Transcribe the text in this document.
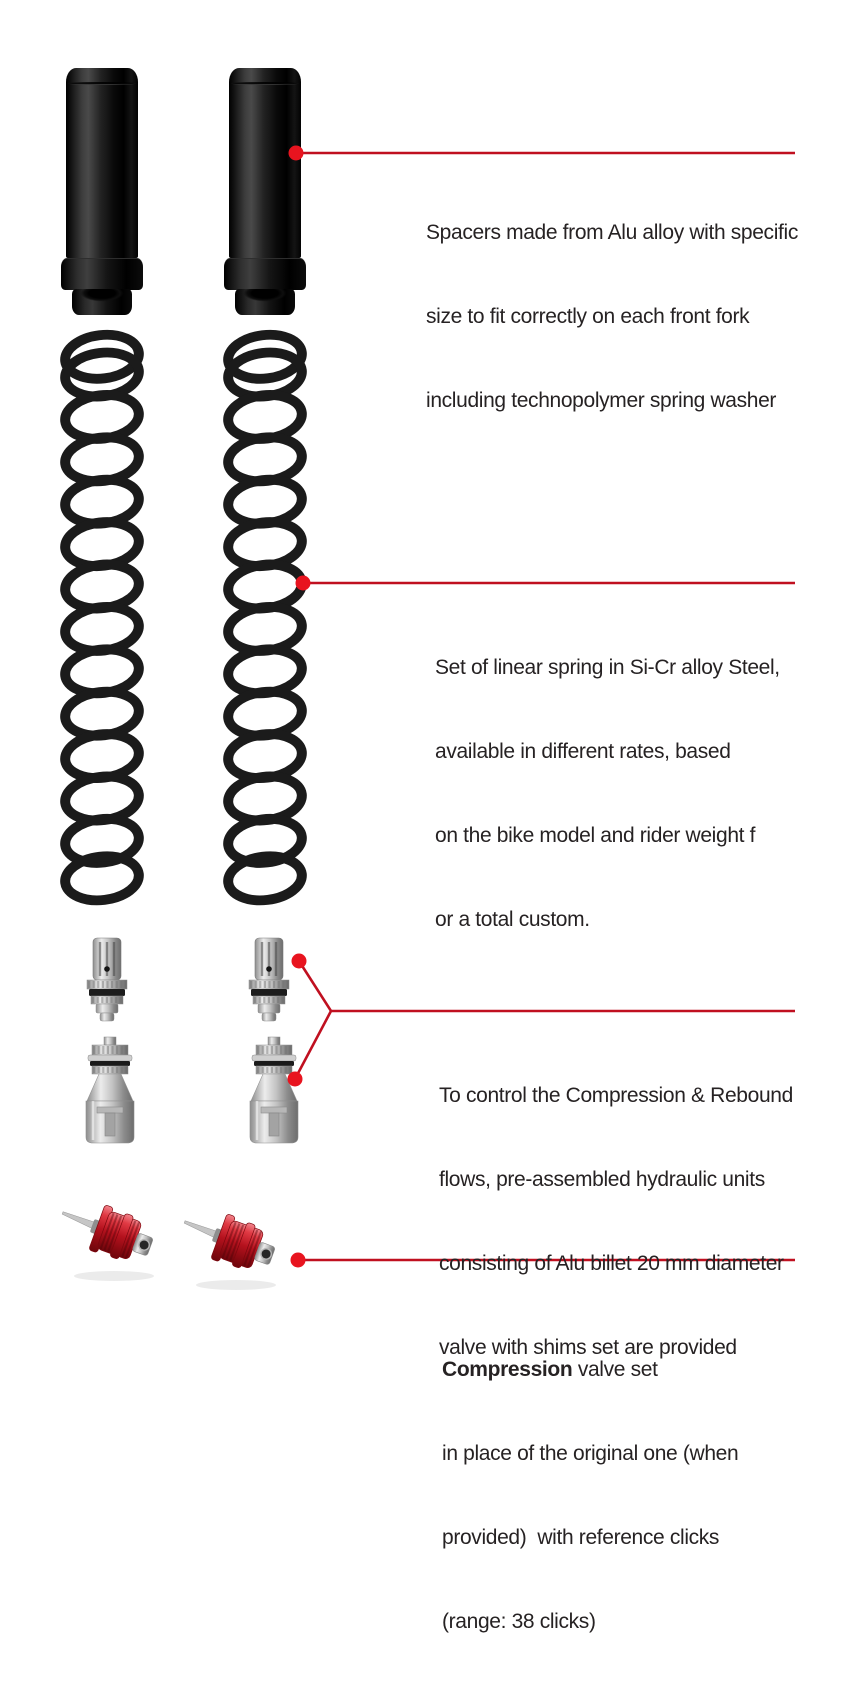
Spacers made from Alu alloy with specific

size to fit correctly on each front fork

including technopolymer spring washer

Set of linear spring in Si-Cr alloy Steel,

available in different rates, based

on the bike model and rider weight f

or a total custom.

To control the Compression & Rebound

flows, pre-assembled hydraulic units

consisting of Alu billet 20 mm diameter

valve with shims set are provided

Compression valve set

in place of the original one (when

provided)  with reference clicks

(range: 38 clicks)
